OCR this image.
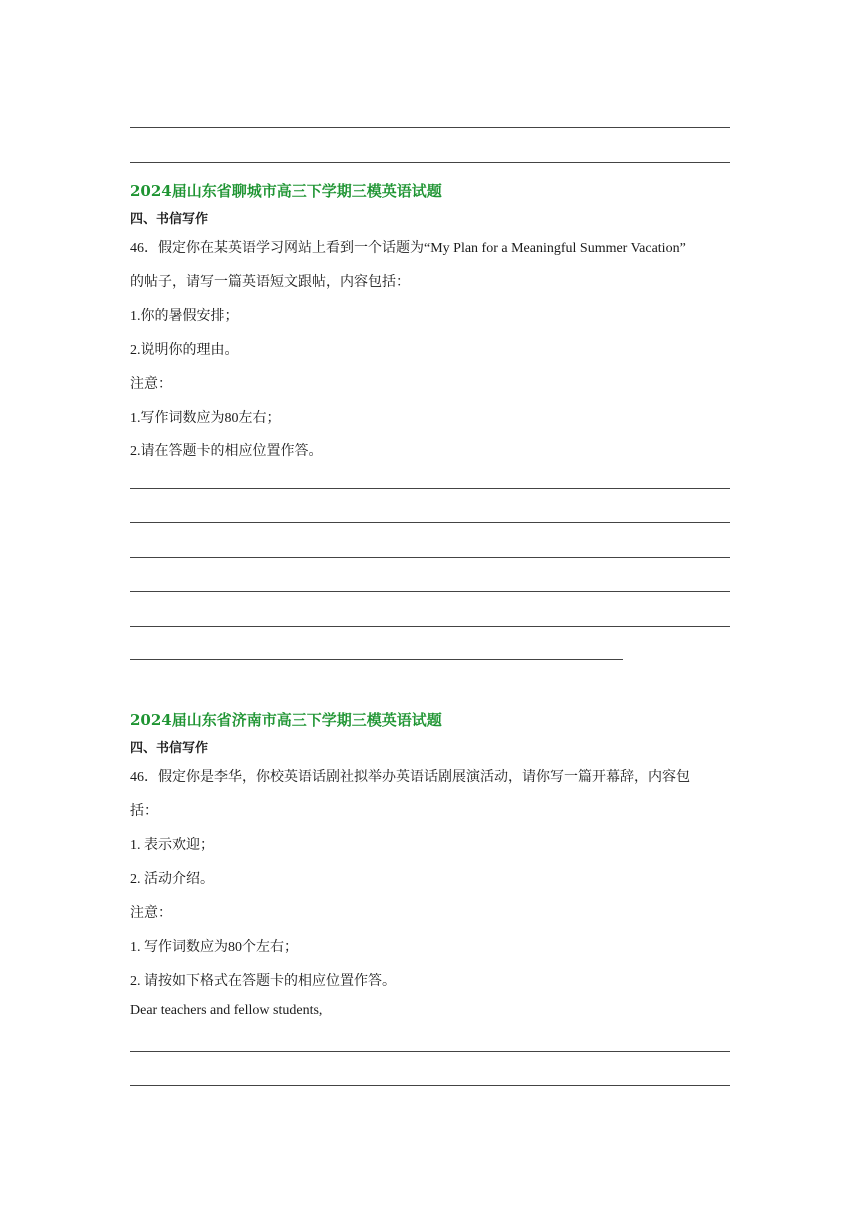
2024届山东省聊城市高三下学期三模英语试题
四、书信写作

46．假定你在某英语学习网站上看到一个话题为“My Plan for a Meaningful Summer Vacation”

的帖子，请写一篇英语短文跟帖，内容包括：

1.你的暑假安排；

2.说明你的理由。

注意：

1.写作词数应为80左右；

2.请在答题卡的相应位置作答。

2024届山东省济南市高三下学期三模英语试题
四、书信写作

46．假定你是李华，你校英语话剧社拟举办英语话剧展演活动，请你写一篇开幕辞，内容包

括：

1. 表示欢迎；

2. 活动介绍。

注意：

1. 写作词数应为80个左右；

2. 请按如下格式在答题卡的相应位置作答。

Dear teachers and fellow students,
